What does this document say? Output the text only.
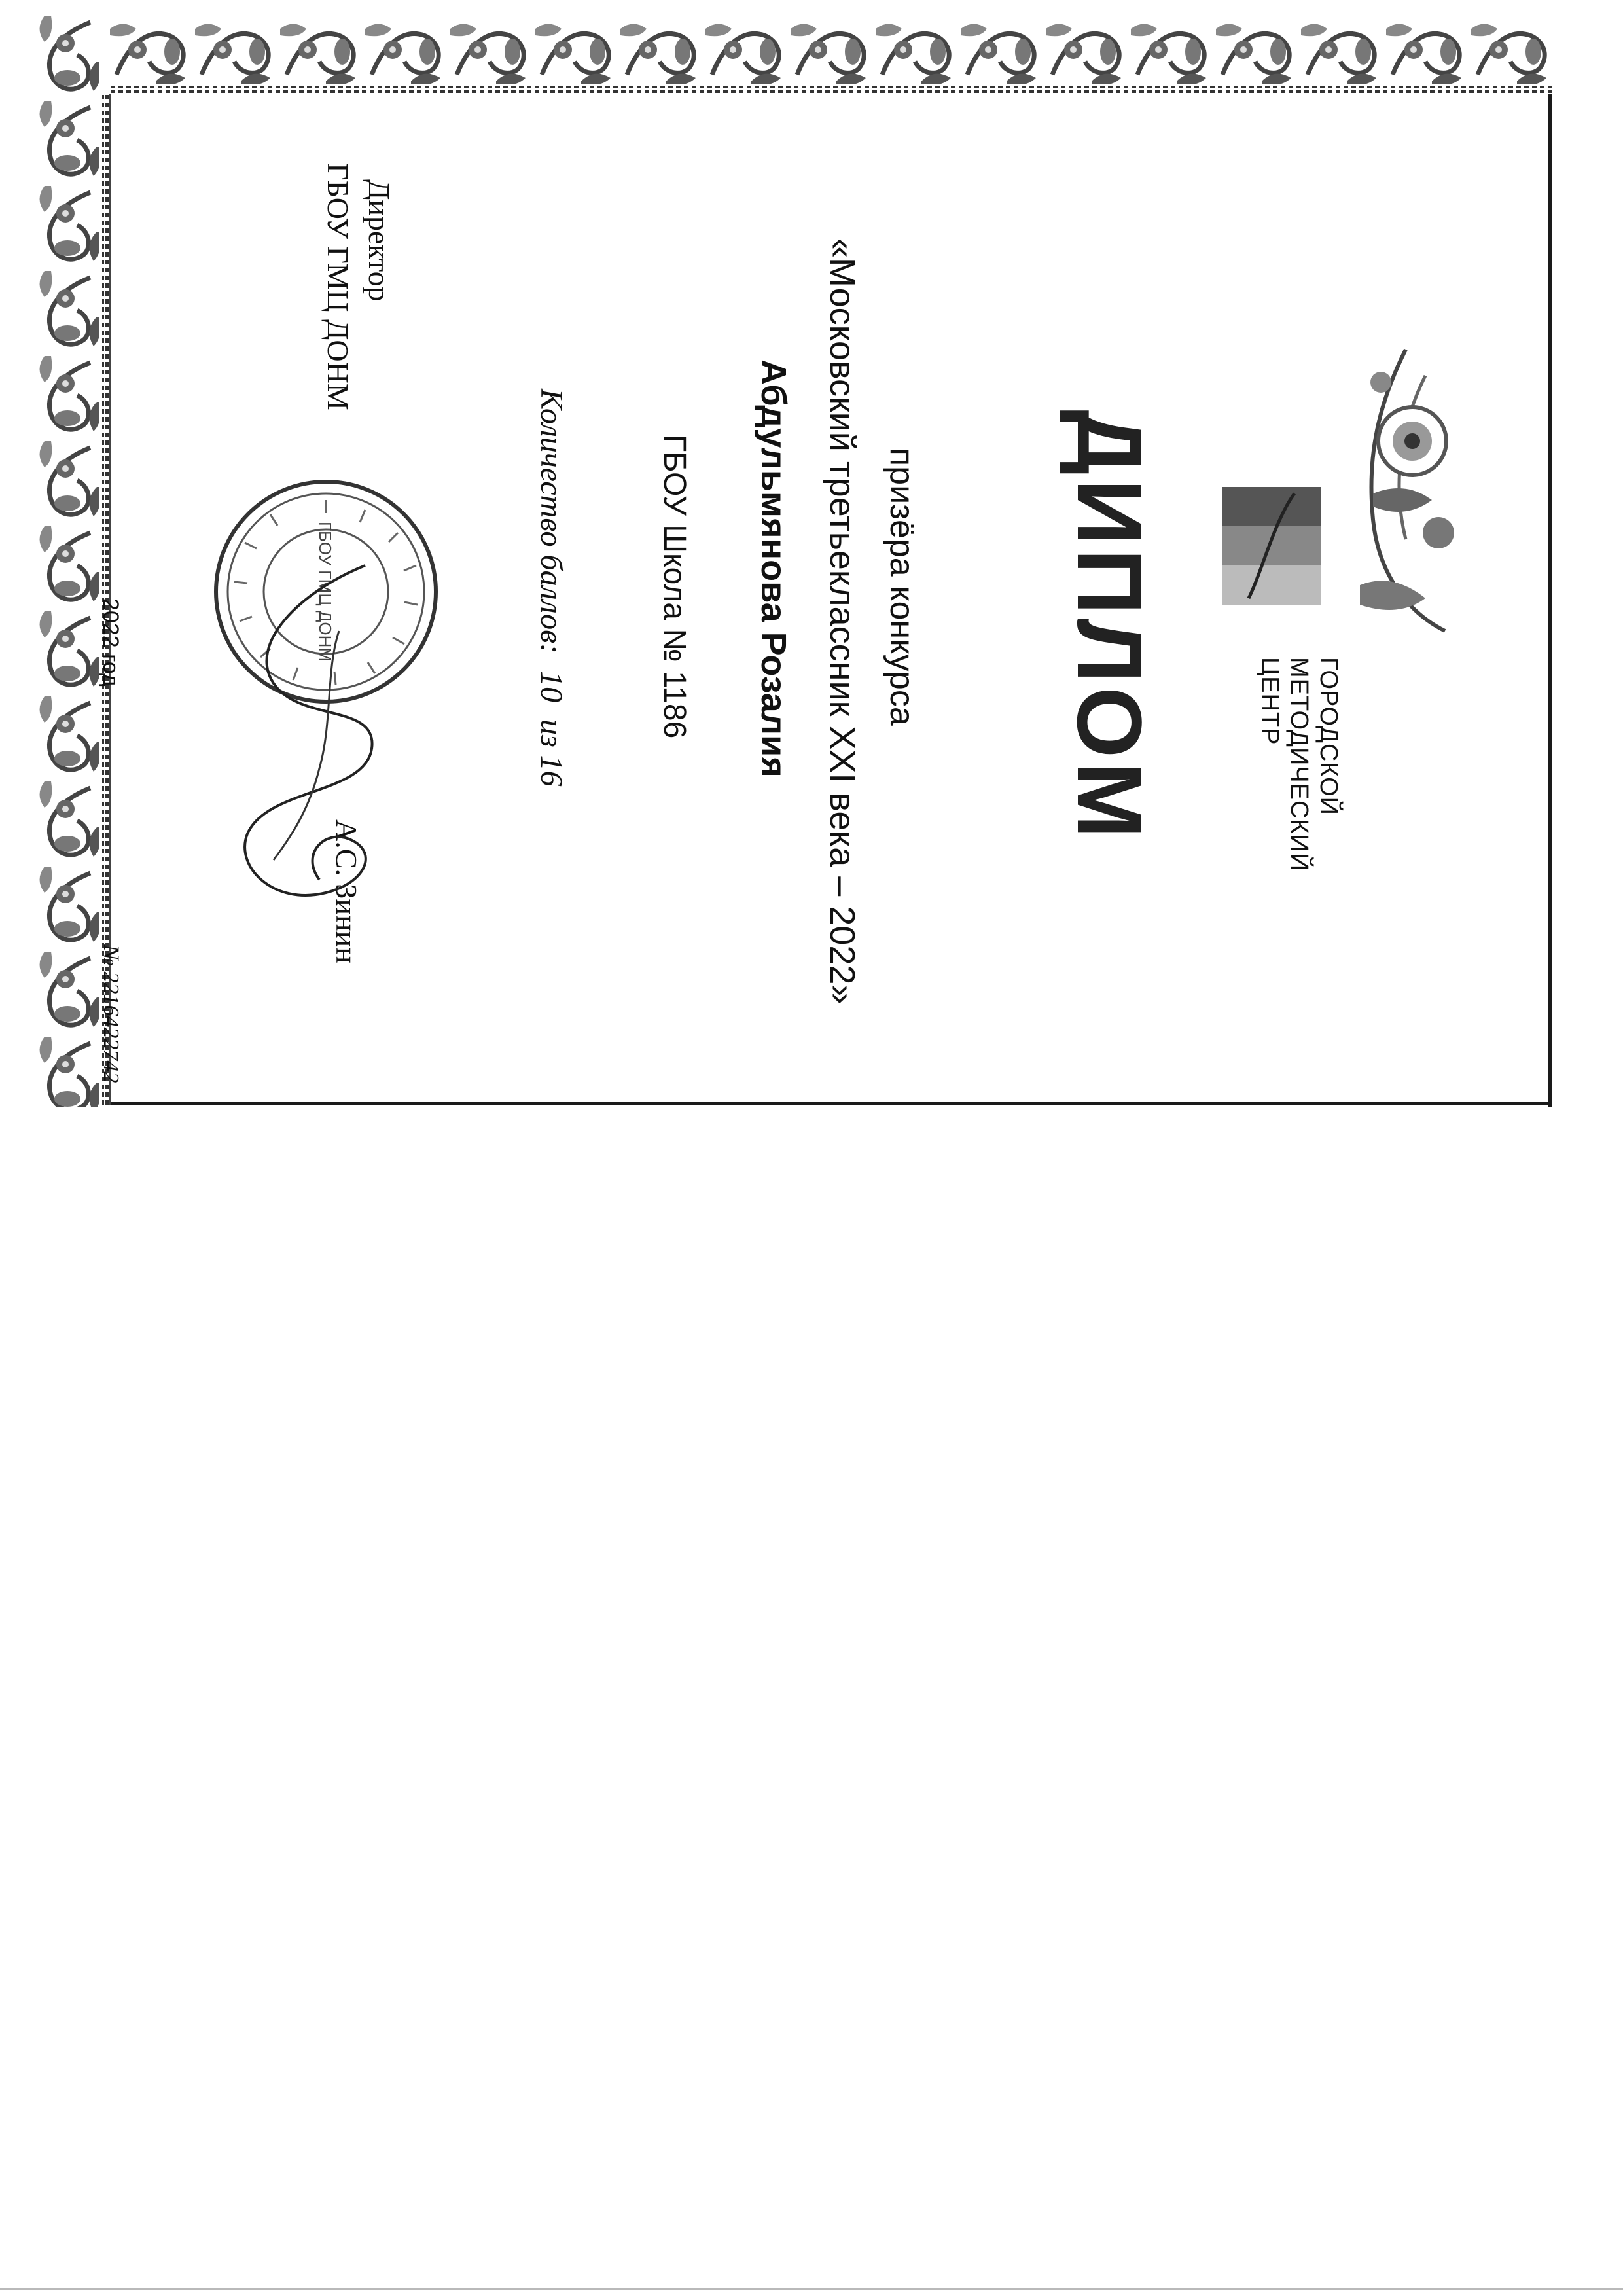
ГОРОДСКОЙ
МЕТОДИЧЕСКИЙ
ЦЕНТР
ДИПЛОМ
призёра конкурса
«Московский третьеклассник XXI века – 2022»
Абдульмянова Розалия
ГБОУ Школа № 1186
Количество баллов: 10 из 16
Директор
ГБОУ ГМЦ ДОНМ
А.С. Зинин
ГБОУ ГМЦ ДОНМ
2022 год
№ 2216422742
